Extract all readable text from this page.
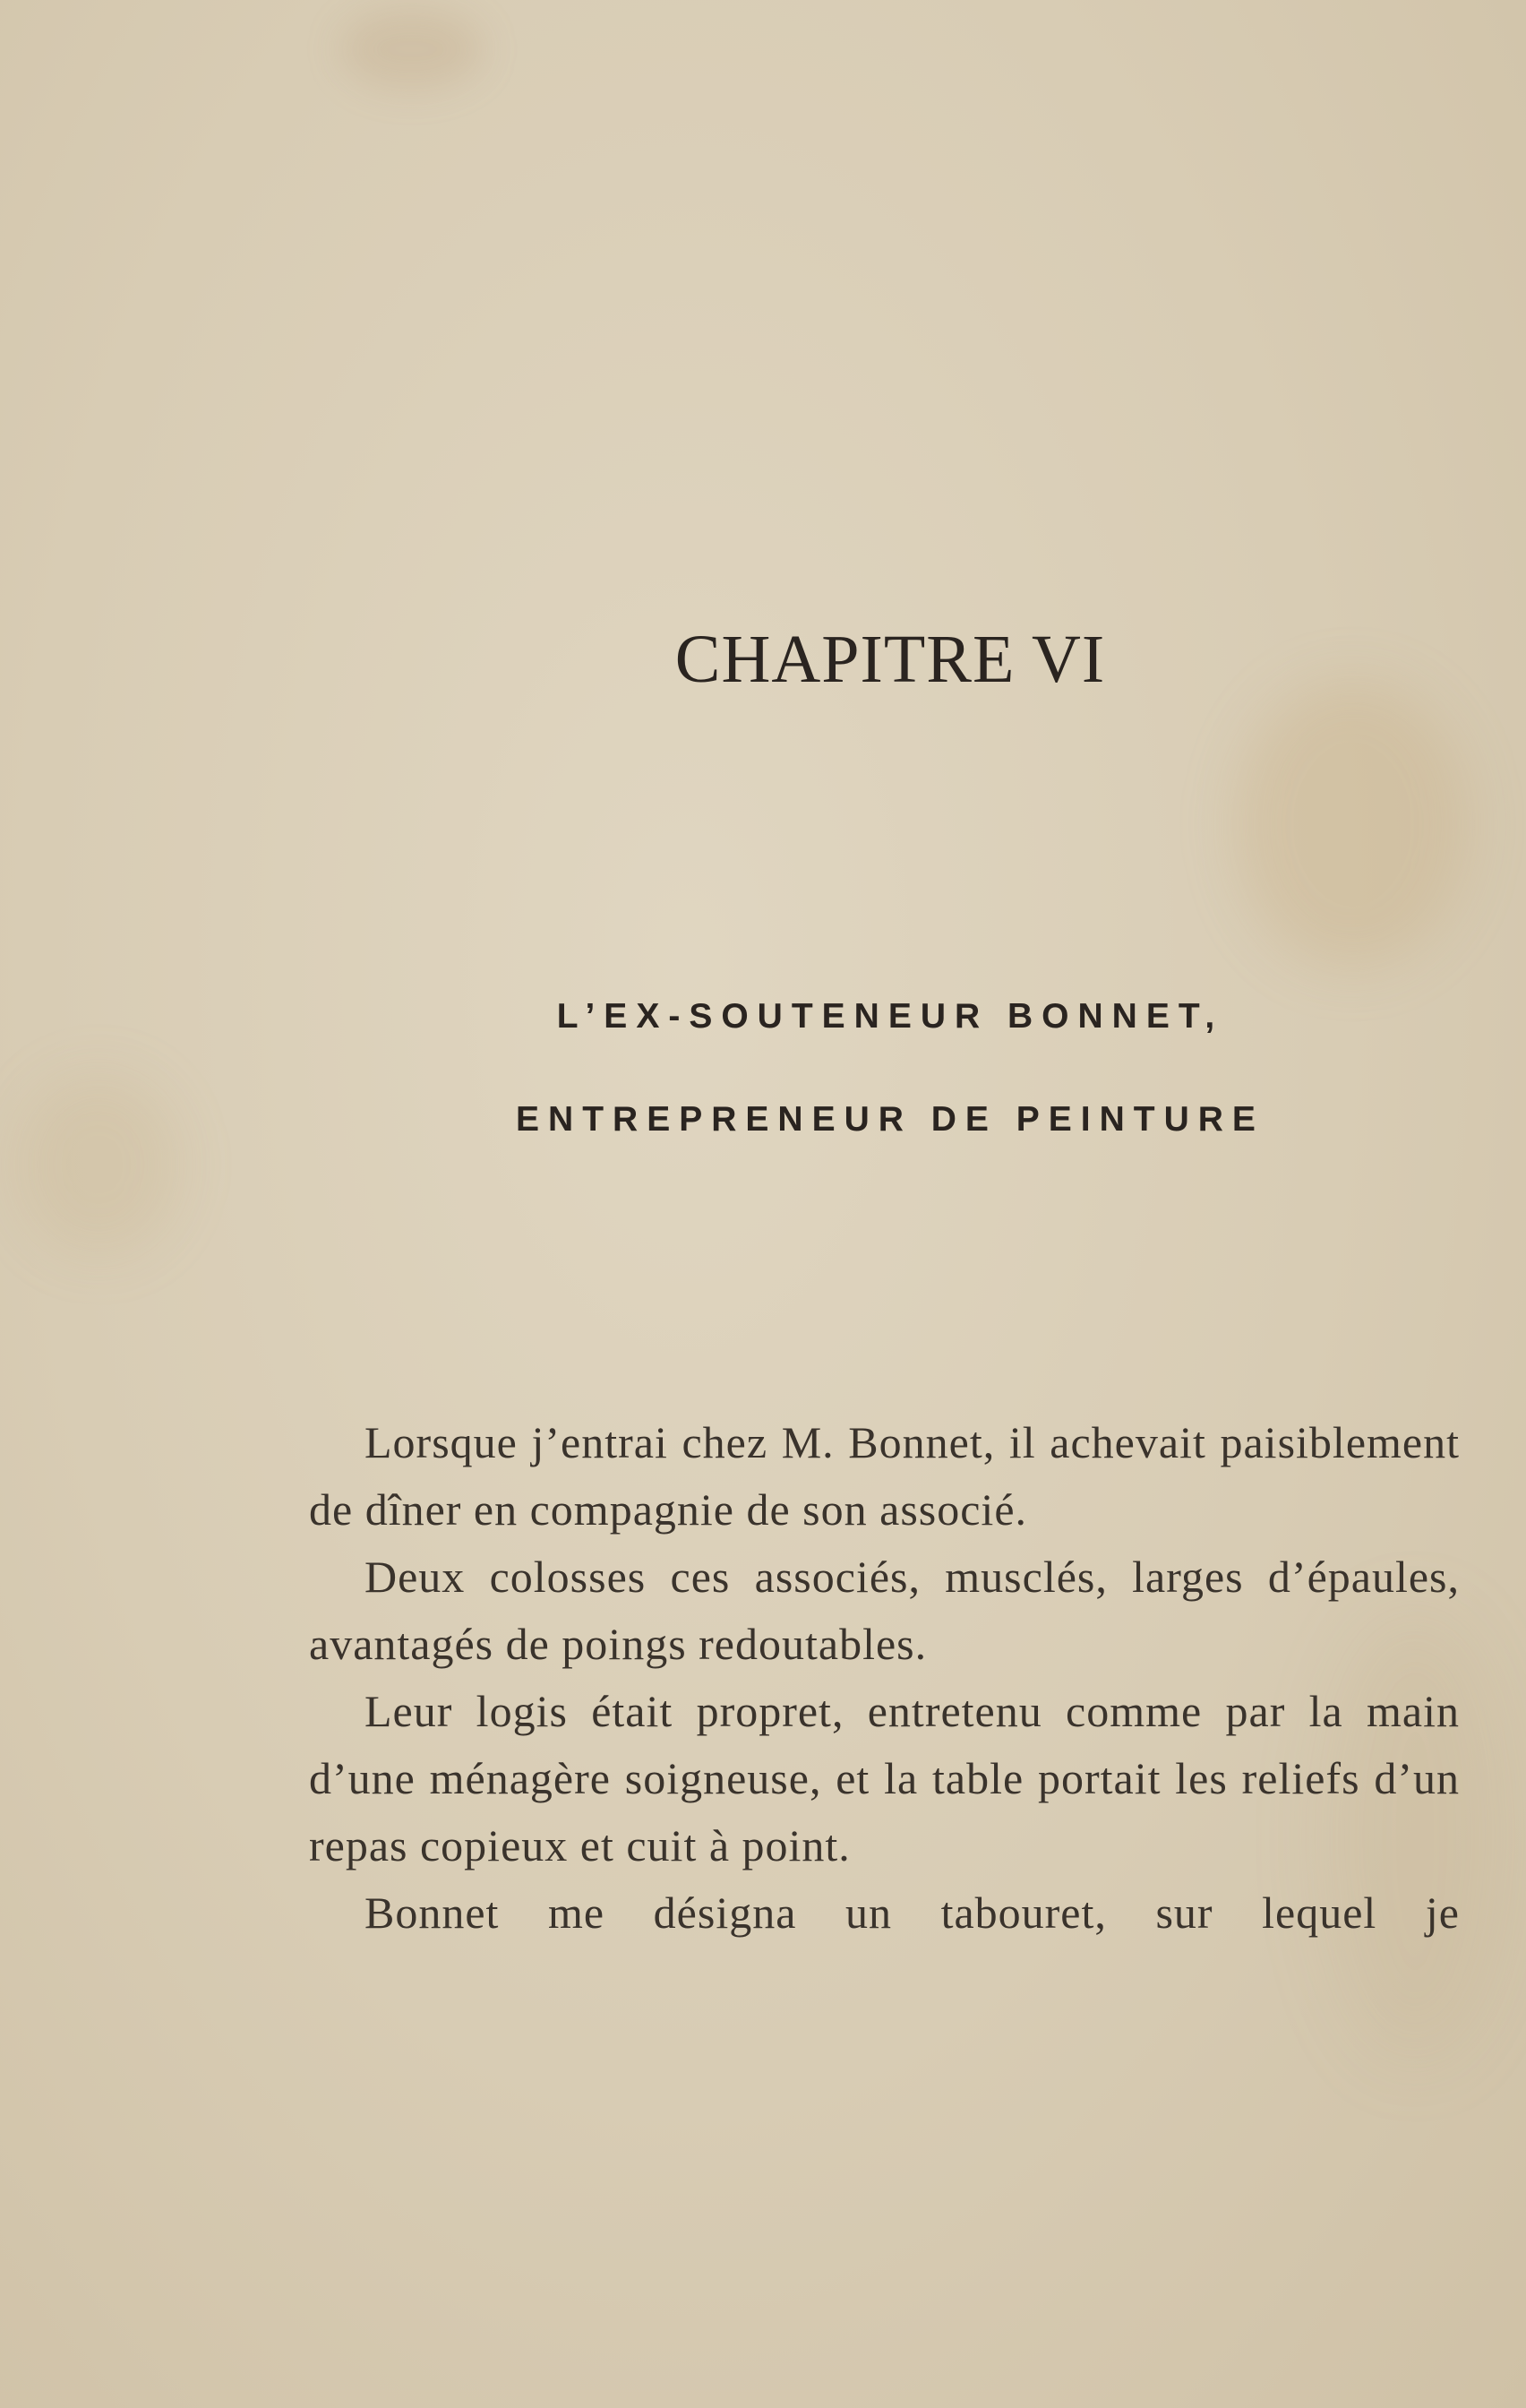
CHAPITRE VI
L’EX-SOUTENEUR BONNET,
ENTREPRENEUR DE PEINTURE

Lorsque j’entrai chez M. Bonnet, il achevait paisiblement de dîner en compagnie de son associé.

Deux colosses ces associés, musclés, larges d’épaules, avantagés de poings redoutables.

Leur logis était propret, entretenu comme par la main d’une ménagère soigneuse, et la table portait les reliefs d’un repas copieux et cuit à point.

Bonnet me désigna un tabouret, sur lequel je
